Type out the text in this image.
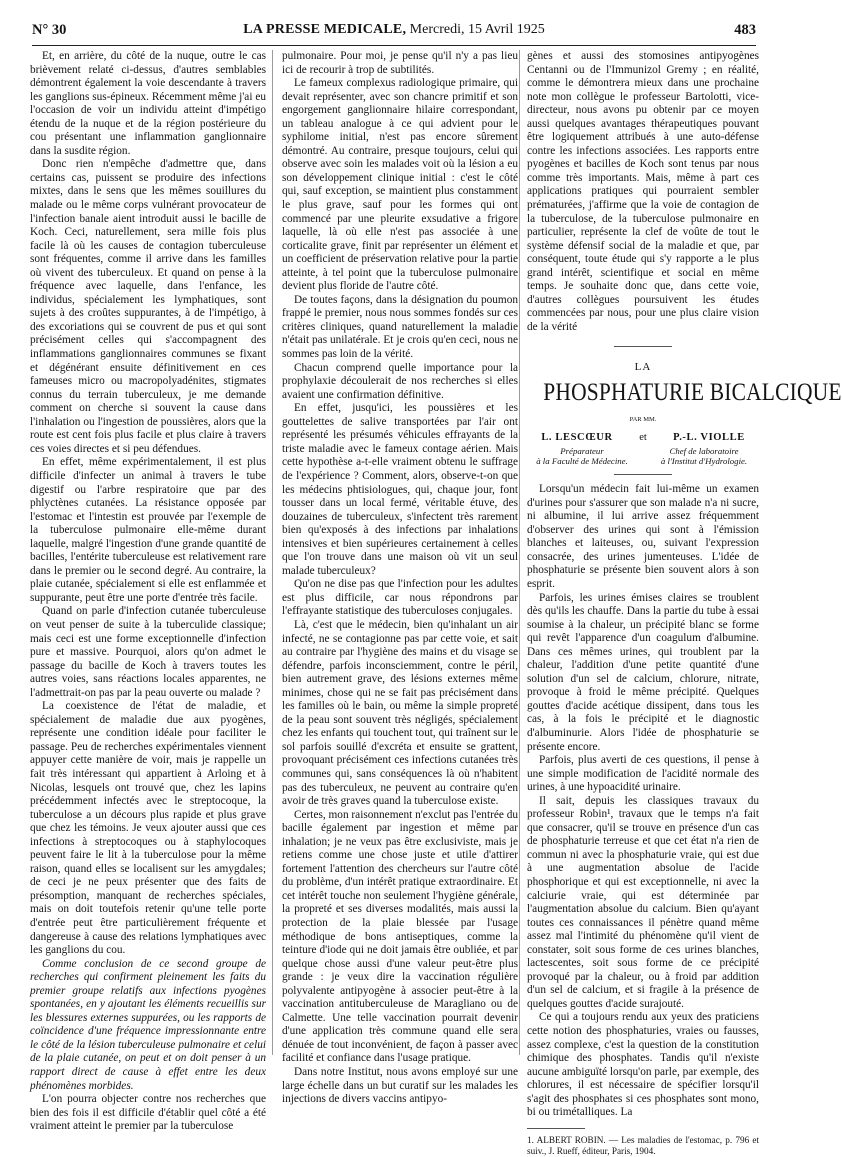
N° 30	LA PRESSE MEDICALE, Mercredi, 15 Avril 1925	483

Et, en arrière, du côté de la nuque, outre le cas brièvement relaté ci-dessus, d'autres semblables démontrent également la voie descendante à travers les ganglions sus-épineux. Récemment même j'ai eu l'occasion de voir un individu atteint d'impétigo étendu de la nuque et de la région postérieure du cou présentant une inflammation ganglionnaire dans la susdite région.

Donc rien n'empêche d'admettre que, dans certains cas, puissent se produire des infections mixtes, dans le sens que les mêmes souillures du malade ou le même corps vulnérant provocateur de l'infection banale aient introduit aussi le bacille de Koch. Ceci, naturellement, sera mille fois plus facile là où les causes de contagion tuberculeuse sont fréquentes, comme il arrive dans les familles où vivent des tuberculeux. Et quand on pense à la fréquence avec laquelle, dans l'enfance, les individus, spécialement les lymphatiques, sont sujets à des croûtes suppurantes, à de l'impétigo, à des excoriations qui se couvrent de pus et qui sont précisément celles qui s'accompagnent des inflammations ganglionnaires communes se fixant et dégénérant ensuite définitivement en ces fameuses micro ou macropolyadénites, stigmates connus du terrain tuberculeux, je me demande comment on cherche si souvent la cause dans l'inhalation ou l'ingestion de poussières, alors que la route est cent fois plus facile et plus claire à travers ces voies directes et si peu défendues.

En effet, même expérimentalement, il est plus difficile d'infecter un animal à travers le tube digestif ou l'arbre respiratoire que par des phlyctènes cutanées. La résistance opposée par l'estomac et l'intestin est prouvée par l'exemple de la tuberculose pulmonaire elle-même durant laquelle, malgré l'ingestion d'une grande quantité de bacilles, l'entérite tuberculeuse est relativement rare dans le premier ou le second degré. Au contraire, la plaie cutanée, spécialement si elle est enflammée et suppurante, peut être une porte d'entrée très facile.

Quand on parle d'infection cutanée tuberculeuse on veut penser de suite à la tuberculide classique; mais ceci est une forme exceptionnelle d'infection pure et massive. Pourquoi, alors qu'on admet le passage du bacille de Koch à travers toutes les autres voies, sans réactions locales apparentes, ne l'admettrait-on pas par la peau ouverte ou malade ?

La coexistence de l'état de maladie, et spécialement de maladie due aux pyogènes, représente une condition idéale pour faciliter le passage. Peu de recherches expérimentales viennent appuyer cette manière de voir, mais je rappelle un fait très intéressant qui appartient à Arloing et à Nicolas, lesquels ont trouvé que, chez les lapins précédemment infectés avec le streptocoque, la tuberculose a un décours plus rapide et plus grave que chez les témoins. Je veux ajouter aussi que ces infections à streptocoques ou à staphylocoques peuvent faire le lit à la tuberculose pour la même raison, quand elles se localisent sur les amygdales; de ceci je ne peux présenter que des faits de présomption, manquant de recherches spéciales, mais on doit toutefois retenir qu'une telle porte d'entrée peut être particulièrement fréquente et dangereuse à cause des relations lymphatiques avec les ganglions du cou.

Comme conclusion de ce second groupe de recherches qui confirment pleinement les faits du premier groupe relatifs aux infections pyogènes spontanées, en y ajoutant les éléments recueillis sur les blessures externes suppurées, ou les rapports de coïncidence d'une fréquence impressionnante entre le côté de la lésion tuberculeuse pulmonaire et celui de la plaie cutanée, on peut et on doit penser à un rapport direct de cause à effet entre les deux phénomènes morbides.

L'on pourra objecter contre nos recherches que bien des fois il est difficile d'établir quel côté a été vraiment atteint le premier par la tuberculose

pulmonaire. Pour moi, je pense qu'il n'y a pas lieu ici de recourir à trop de subtilités.

Le fameux complexus radiologique primaire, qui devait représenter, avec son chancre primitif et son engorgement ganglionnaire hilaire correspondant, un tableau analogue à ce qui advient pour le syphilome initial, n'est pas encore sûrement démontré. Au contraire, presque toujours, celui qui observe avec soin les malades voit où la lésion a eu son développement clinique initial : c'est le côté qui, sauf exception, se maintient plus constamment le plus grave, sauf pour les formes qui ont commencé par une pleurite exsudative a frigore laquelle, là où elle n'est pas associée à une corticalite grave, finit par représenter un élément et un coefficient de préservation relative pour la partie atteinte, à tel point que la tuberculose pulmonaire devient plus floride de l'autre côté.

De toutes façons, dans la désignation du poumon frappé le premier, nous nous sommes fondés sur ces critères cliniques, quand naturellement la maladie n'était pas unilatérale. Et je crois qu'en ceci, nous ne sommes pas loin de la vérité.

Chacun comprend quelle importance pour la prophylaxie découlerait de nos recherches si elles avaient une confirmation définitive.

En effet, jusqu'ici, les poussières et les gouttelettes de salive transportées par l'air ont représenté les présumés véhicules effrayants de la triste maladie avec le fameux contage aérien. Mais cette hypothèse a-t-elle vraiment obtenu le suffrage de l'expérience ? Comment, alors, observe-t-on que les médecins phtisiologues, qui, chaque jour, font tousser dans un local fermé, véritable étuve, des douzaines de tuberculeux, s'infectent très rarement bien qu'exposés à des infections par inhalations intensives et bien supérieures certainement à celles que l'on trouve dans une maison où vit un seul malade tuberculeux?

Qu'on ne dise pas que l'infection pour les adultes est plus difficile, car nous répondrons par l'effrayante statistique des tuberculoses conjugales.

Là, c'est que le médecin, bien qu'inhalant un air infecté, ne se contagionne pas par cette voie, et sait au contraire par l'hygiène des mains et du visage se défendre, parfois inconsciemment, contre le péril, bien autrement grave, des lésions externes même minimes, chose qui ne se fait pas précisément dans les familles où le bain, ou même la simple propreté de la peau sont souvent très négligés, spécialement chez les enfants qui touchent tout, qui traînent sur le sol parfois souillé d'excréta et ensuite se grattent, provoquant précisément ces infections cutanées très communes qui, sans conséquences là où n'habitent pas des tuberculeux, ne peuvent au contraire qu'en avoir de très graves quand la tuberculose existe.

Certes, mon raisonnement n'exclut pas l'entrée du bacille également par ingestion et même par inhalation; je ne veux pas être exclusiviste, mais je retiens comme une chose juste et utile d'attirer fortement l'attention des chercheurs sur l'autre côté du problème, d'un intérêt pratique extraordinaire. Et cet intérêt touche non seulement l'hygiène générale, la propreté et ses diverses modalités, mais aussi la protection de la plaie blessée par l'usage méthodique de bons antiseptiques, comme la teinture d'iode qui ne doit jamais être oubliée, et par quelque chose aussi d'une valeur peut-être plus grande : je veux dire la vaccination régulière polyvalente antipyogène à associer peut-être à la vaccination antituberculeuse de Maragliano ou de Calmette. Une telle vaccination pourrait devenir d'une application très commune quand elle sera dénuée de tout inconvénient, de façon à passer avec facilité et confiance dans l'usage pratique.

Dans notre Institut, nous avons employé sur une large échelle dans un but curatif sur les malades les injections de divers vaccins antipyo-

gènes et aussi des stomosines antipyogènes Centanni ou de l'Immunizol Gremy ; en réalité, comme le démontrera mieux dans une prochaine note mon collègue le professeur Bartolotti, vice-directeur, nous avons pu obtenir par ce moyen aussi quelques avantages thérapeutiques pouvant être logiquement attribués à une auto-défense contre les infections associées. Les rapports entre pyogènes et bacilles de Koch sont tenus par nous comme très importants. Mais, même à part ces applications pratiques qui pourraient sembler prématurées, j'affirme que la voie de contagion de la tuberculose, de la tuberculose pulmonaire en particulier, représente la clef de voûte de tout le système défensif social de la maladie et que, par conséquent, toute étude qui s'y rapporte a le plus grand intérêt, scientifique et social en même temps. Je souhaite donc que, dans cette voie, d'autres collègues poursuivent les études commencées par nous, pour une plus claire vision de la vérité

LA
PHOSPHATURIE BICALCIQUE
PAR MM.
L. LESCŒUR	et	P.-L. VIOLLE
Préparateur
à la Faculté de Médecine.
Chef de laboratoire
à l'Institut d'Hydrologie.

Lorsqu'un médecin fait lui-même un examen d'urines pour s'assurer que son malade n'a ni sucre, ni albumine, il lui arrive assez fréquemment d'observer des urines qui sont à l'émission blanches et laiteuses, ou, suivant l'expression consacrée, des urines jumenteuses. L'idée de phosphaturie se présente bien souvent alors à son esprit.

Parfois, les urines émises claires se troublent dès qu'ils les chauffe. Dans la partie du tube à essai soumise à la chaleur, un précipité blanc se forme qui revêt l'apparence d'un coagulum d'albumine. Dans ces mêmes urines, qui troublent par la chaleur, l'addition d'une petite quantité d'une solution d'un sel de calcium, chlorure, nitrate, provoque à froid le même précipité. Quelques gouttes d'acide acétique dissipent, dans tous les cas, à la fois le précipité et le diagnostic d'albuminurie. Alors l'idée de phosphaturie se présente encore.

Parfois, plus averti de ces questions, il pense à une simple modification de l'acidité normale des urines, à une hypoacidité urinaire.

Il sait, depuis les classiques travaux du professeur Robin¹, travaux que le temps n'a fait que consacrer, qu'il se trouve en présence d'un cas de phosphaturie terreuse et que cet état n'a rien de commun ni avec la phosphaturie vraie, qui est due à une augmentation absolue de l'acide phosphorique et qui est exceptionnelle, ni avec la calciurie vraie, qui est déterminée par l'augmentation absolue du calcium. Bien qu'ayant toutes ces connaissances il pénètre quand même assez mal l'intimité du phénomène qu'il vient de constater, soit sous forme de ces urines blanches, lactescentes, soit sous forme de ce précipité provoqué par la chaleur, ou à froid par addition d'un sel de calcium, et si fragile à la présence de quelques gouttes d'acide surajouté.

Ce qui a toujours rendu aux yeux des praticiens cette notion des phosphaturies, vraies ou fausses, assez complexe, c'est la question de la constitution chimique des phosphates. Tandis qu'il n'existe aucune ambiguïté lorsqu'on parle, par exemple, des chlorures, il est nécessaire de spécifier lorsqu'il s'agit des phosphates si ces phosphates sont mono, bi ou trimétalliques. La

1. ALBERT ROBIN. — Les maladies de l'estomac, p. 796 et suiv., J. Rueff, éditeur, Paris, 1904.
